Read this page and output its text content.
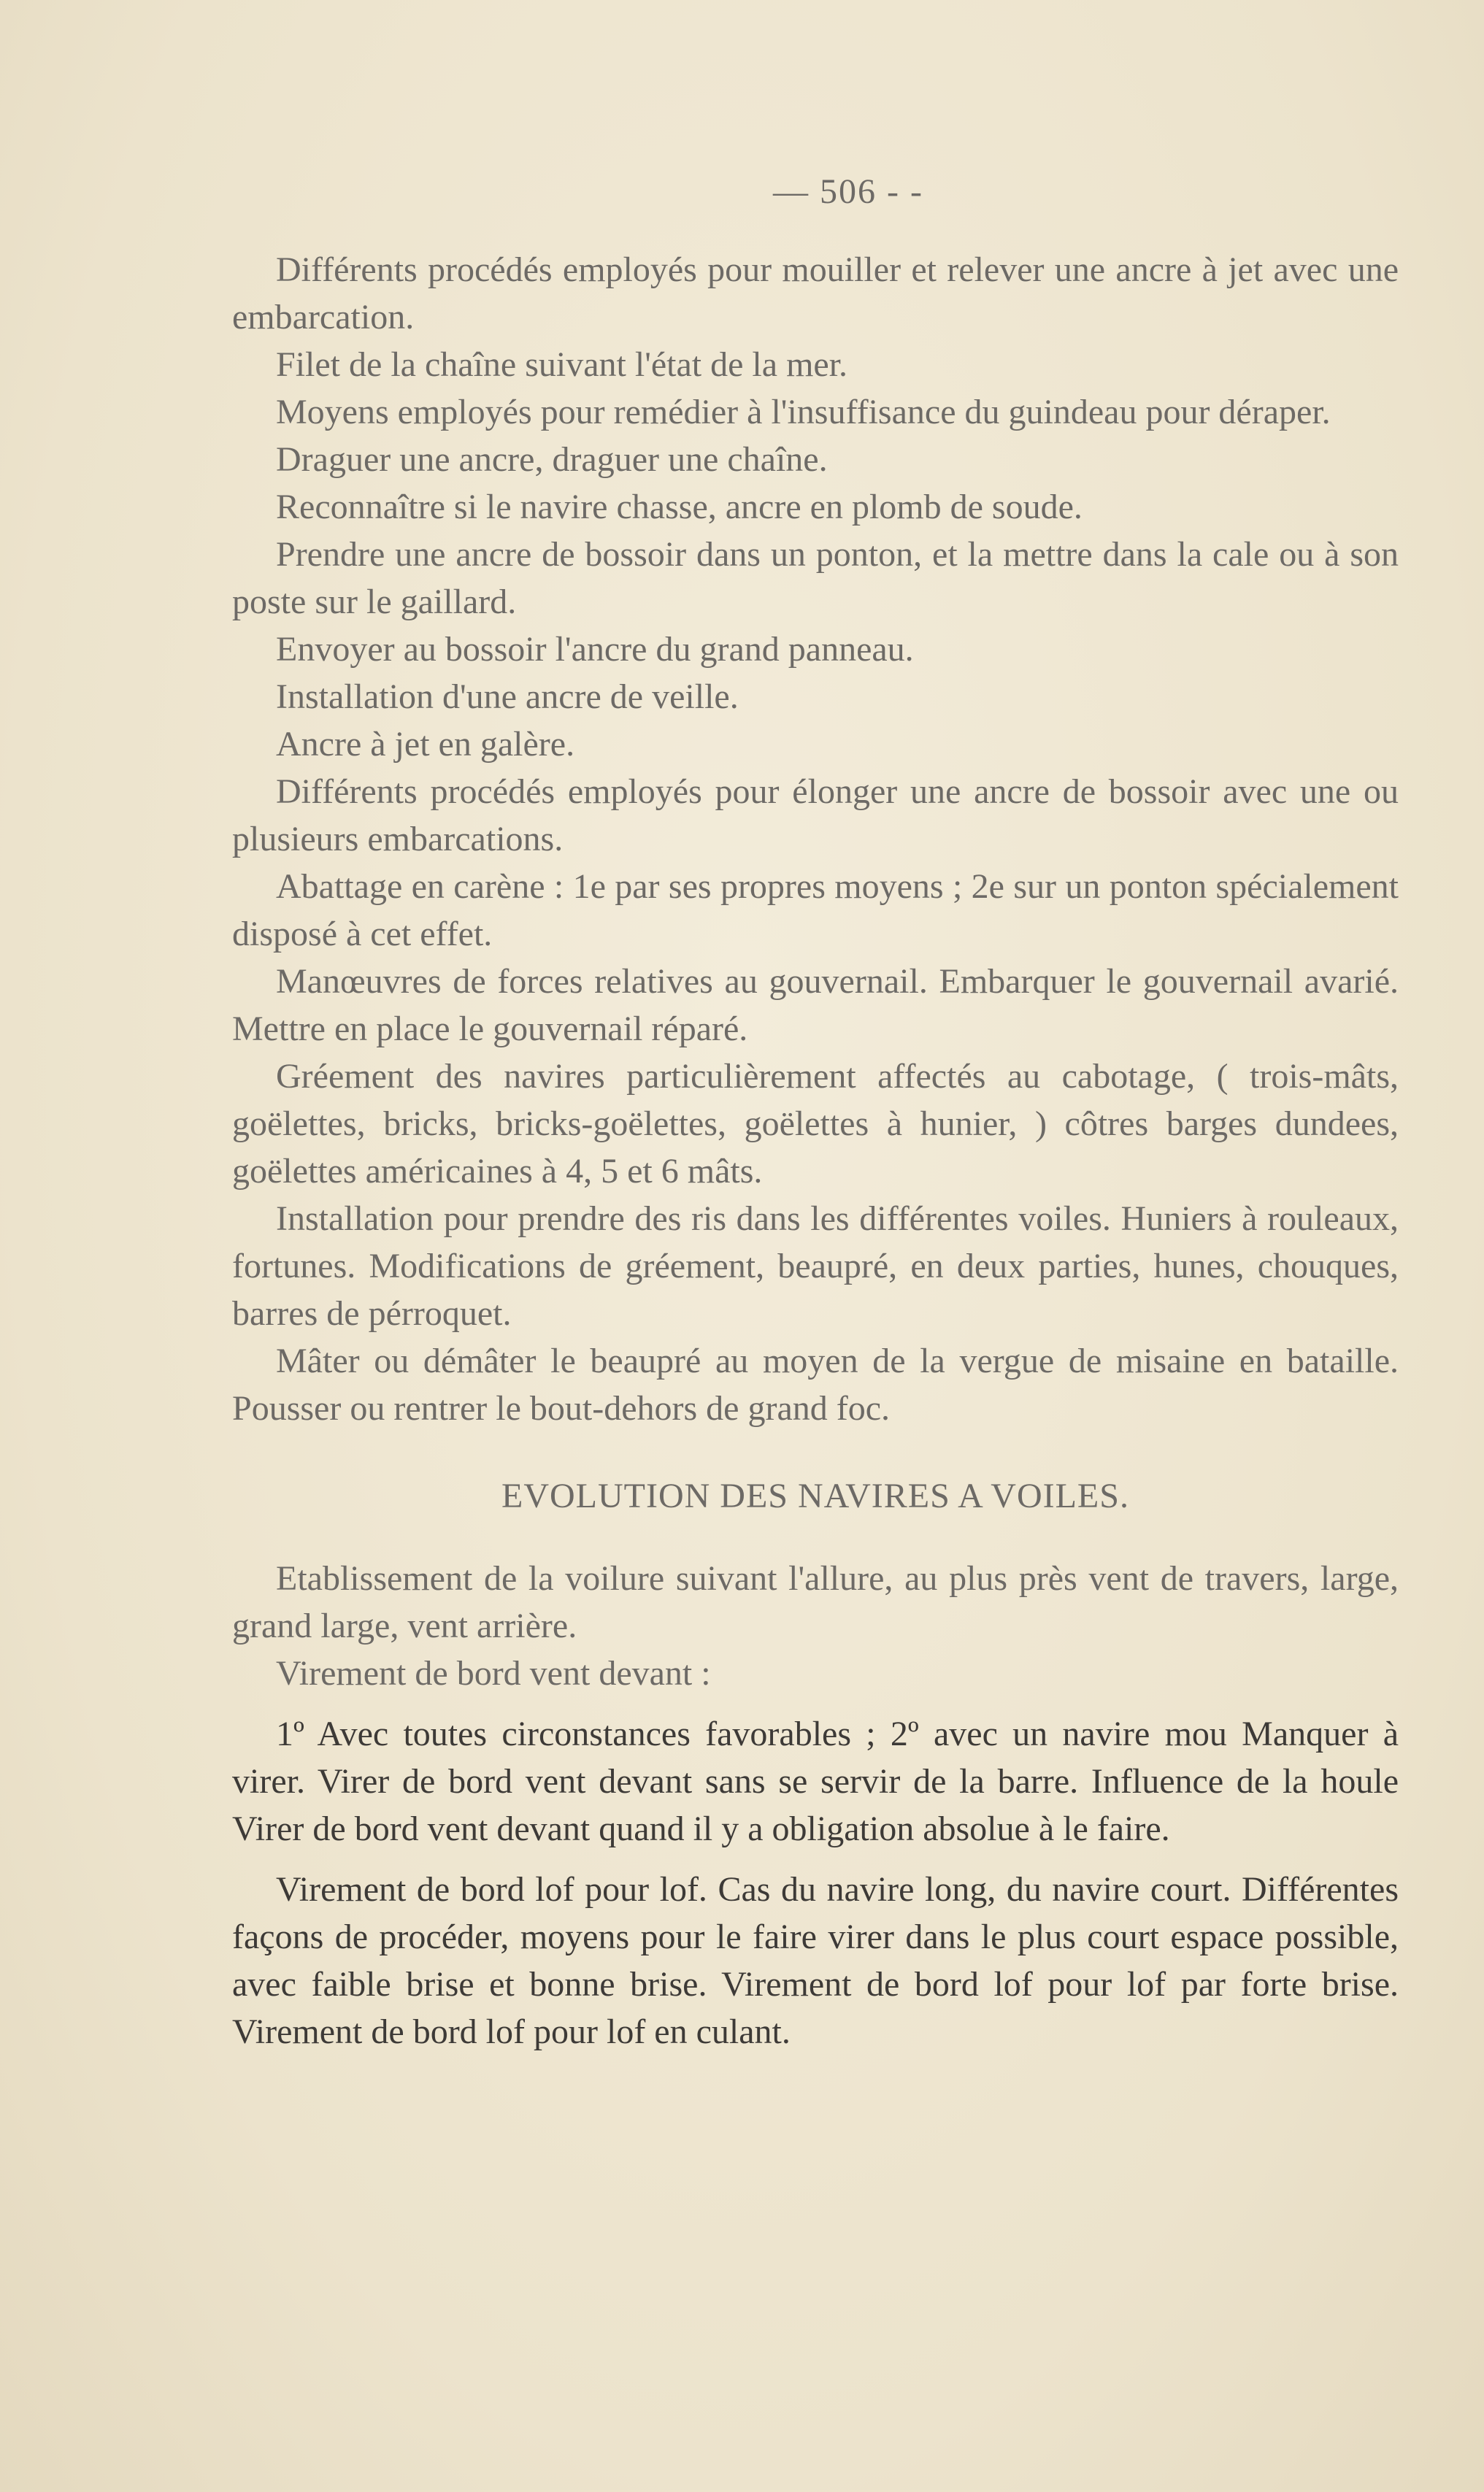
— 506 - -

Différents procédés employés pour mouiller et relever une ancre à jet avec une embarcation.

Filet de la chaîne suivant l'état de la mer.

Moyens employés pour remédier à l'insuffisance du guindeau pour déraper.

Draguer une ancre, draguer une chaîne.

Reconnaître si le navire chasse, ancre en plomb de soude.

Prendre une ancre de bossoir dans un ponton, et la mettre dans la cale ou à son poste sur le gaillard.

Envoyer au bossoir l'ancre du grand panneau.

Installation d'une ancre de veille.

Ancre à jet en galère.

Différents procédés employés pour élonger une ancre de bossoir avec une ou plusieurs embarcations.

Abattage en carène : 1e par ses propres moyens ; 2e sur un ponton spécialement disposé à cet effet.

Manœuvres de forces relatives au gouvernail. Embarquer le gouvernail avarié. Mettre en place le gouvernail réparé.

Gréement des navires particulièrement affectés au cabotage, ( trois-mâts, goëlettes, bricks, bricks-goëlettes, goëlettes à hunier, ) côtres barges dundees, goëlettes américaines à 4, 5 et 6 mâts.

Installation pour prendre des ris dans les différentes voiles. Huniers à rouleaux, fortunes. Modifications de gréement, beaupré, en deux parties, hunes, chouques, barres de pérroquet.

Mâter ou démâter le beaupré au moyen de la vergue de misaine en bataille. Pousser ou rentrer le bout-dehors de grand foc.

EVOLUTION DES NAVIRES A VOILES.

Etablissement de la voilure suivant l'allure, au plus près vent de travers, large, grand large, vent arrière.

Virement de bord vent devant :

1º Avec toutes circonstances favorables ; 2º avec un navire mou Manquer à virer. Virer de bord vent devant sans se servir de la barre. Influence de la houle Virer de bord vent devant quand il y a obligation absolue à le faire.

Virement de bord lof pour lof. Cas du navire long, du navire court. Différentes façons de procéder, moyens pour le faire virer dans le plus court espace possible, avec faible brise et bonne brise. Virement de bord lof pour lof par forte brise. Virement de bord lof pour lof en culant.
